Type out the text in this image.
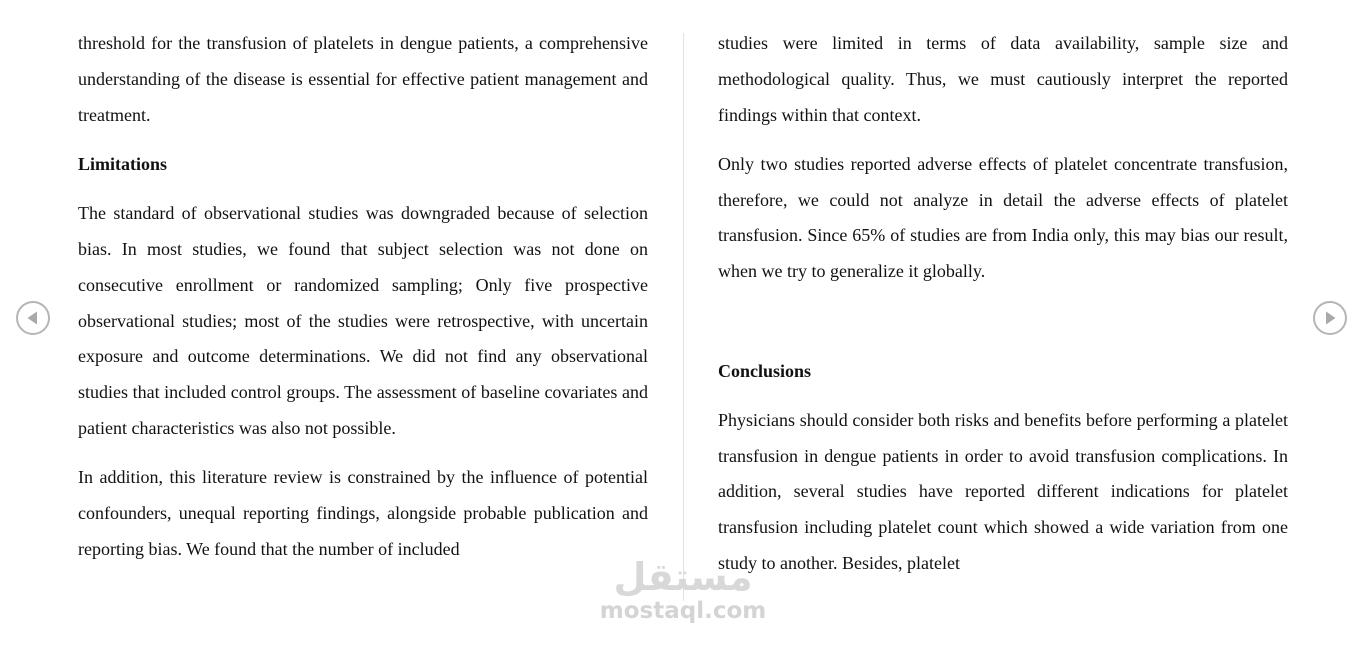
threshold for the transfusion of platelets in dengue patients, a comprehensive understanding of the disease is essential for effective patient management and treatment.

Limitations

The standard of observational studies was downgraded because of selection bias. In most studies, we found that subject selection was not done on consecutive enrollment or randomized sampling; Only five prospective observational studies; most of the studies were retrospective, with uncertain exposure and outcome determinations. We did not find any observational studies that included control groups. The assessment of baseline covariates and patient characteristics was also not possible.

In addition, this literature review is constrained by the influence of potential confounders, unequal reporting findings, alongside probable publication and reporting bias. We found that the number of included

studies were limited in terms of data availability, sample size and methodological quality. Thus, we must cautiously interpret the reported findings within that context.

Only two studies reported adverse effects of platelet concentrate transfusion, therefore, we could not analyze in detail the adverse effects of platelet transfusion. Since 65% of studies are from India only, this may bias our result, when we try to generalize it globally.

Conclusions

Physicians should consider both risks and benefits before performing a platelet transfusion in dengue patients in order to avoid transfusion complications. In addition, several studies have reported different indications for platelet transfusion including platelet count which showed a wide variation from one study to another. Besides, platelet

مستقل
mostaql.com
